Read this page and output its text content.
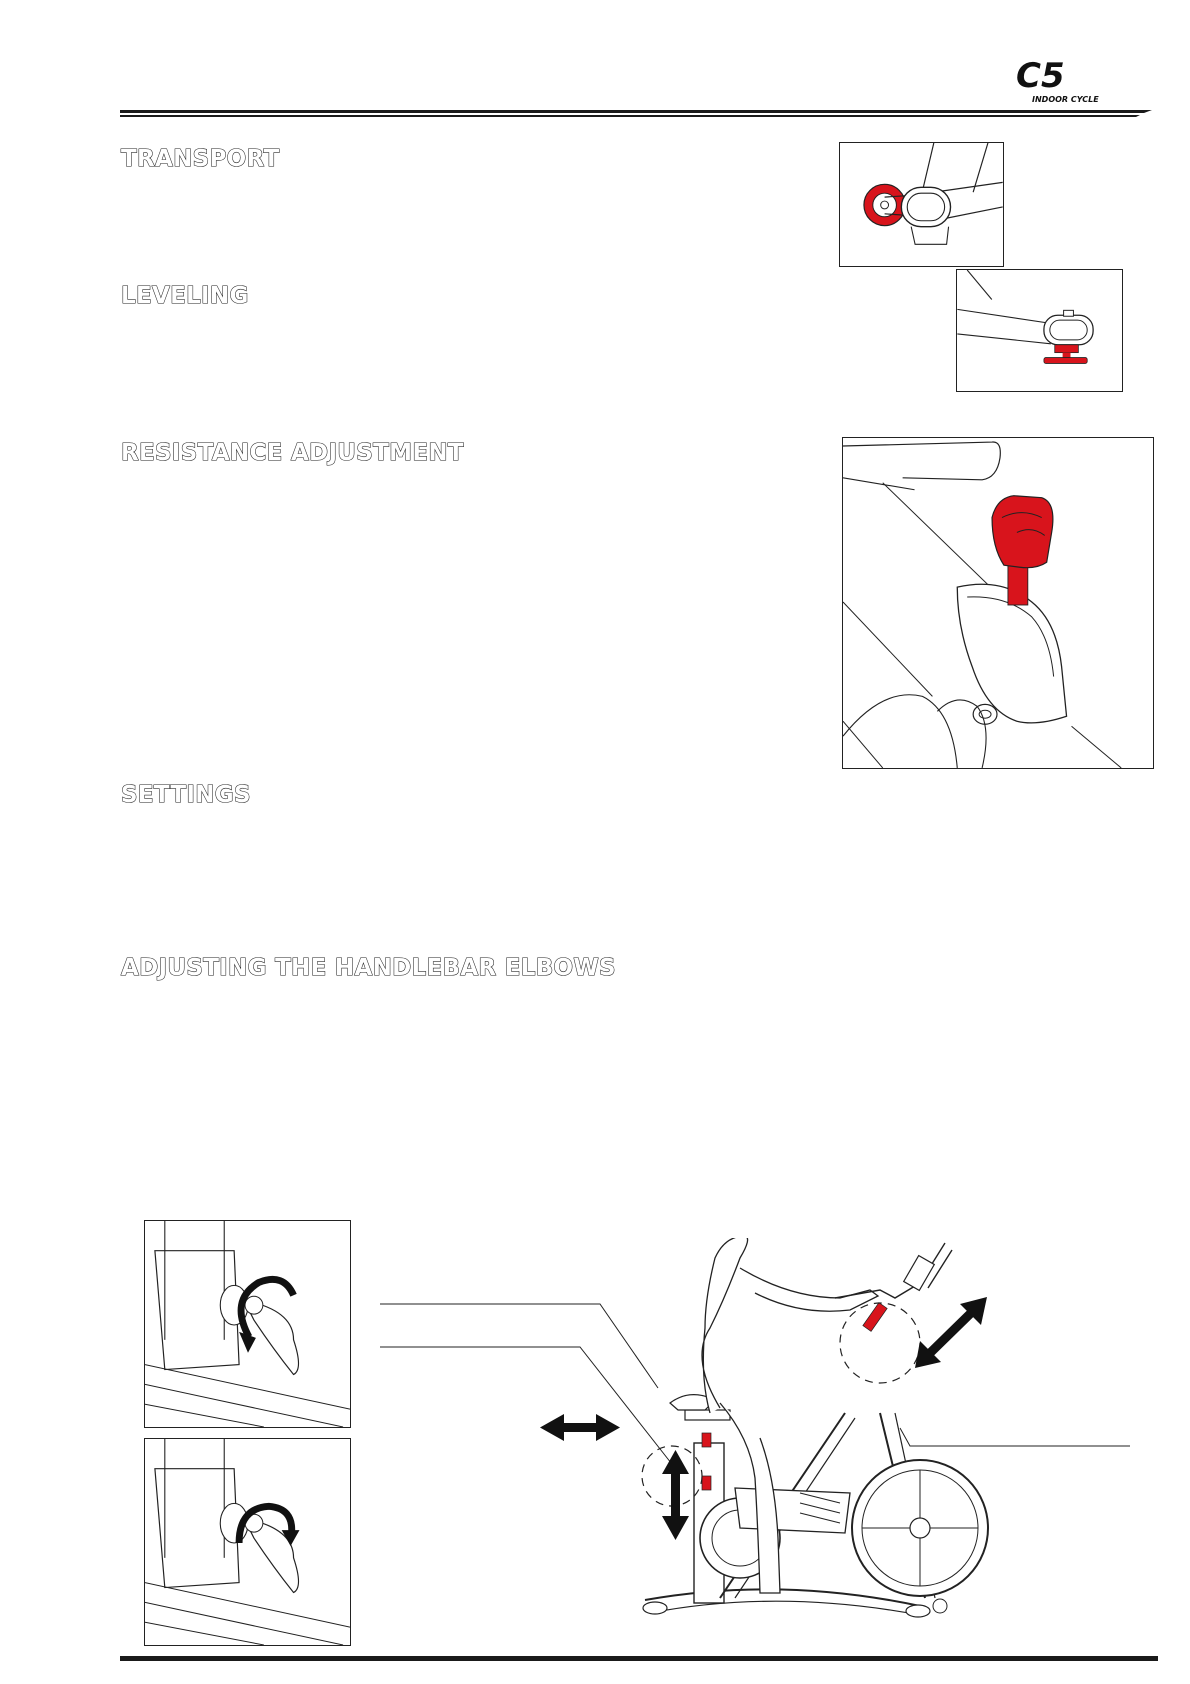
C5
INDOOR CYCLE
TRANSPORT
LEVELING
RESISTANCE ADJUSTMENT
SETTINGS
ADJUSTING THE HANDLEBAR ELBOWS
